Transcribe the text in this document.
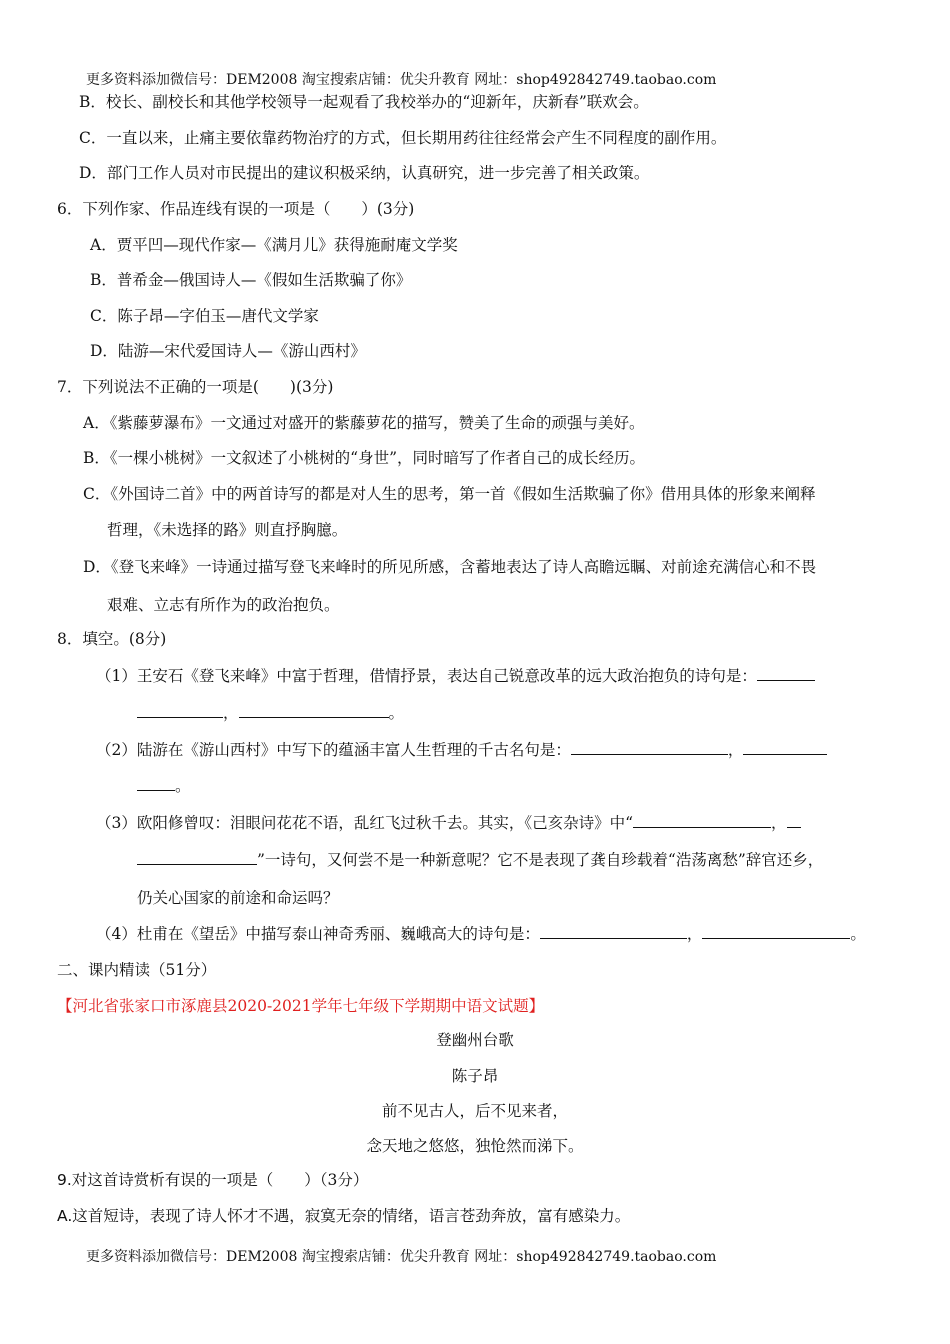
更多资料添加微信号：DEM2008 淘宝搜索店铺：优尖升教育 网址：shop492842749.taobao.com
B．校长、副校长和其他学校领导一起观看了我校举办的“迎新年，庆新春”联欢会。
C．一直以来，止痛主要依靠药物治疗的方式，但长期用药往往经常会产生不同程度的副作用。
D．部门工作人员对市民提出的建议积极采纳，认真研究，进一步完善了相关政策。
6．下列作家、作品连线有误的一项是（　　）(3分)
A．贾平凹—现代作家—《满月儿》获得施耐庵文学奖
B．普希金—俄国诗人—《假如生活欺骗了你》
C．陈子昂—字伯玉—唐代文学家
D．陆游—宋代爱国诗人—《游山西村》
7．下列说法不正确的一项是(　　)(3分)
A．《紫藤萝瀑布》一文通过对盛开的紫藤萝花的描写，赞美了生命的顽强与美好。
B．《一棵小桃树》一文叙述了小桃树的“身世”，同时暗写了作者自己的成长经历。
C．《外国诗二首》中的两首诗写的都是对人生的思考，第一首《假如生活欺骗了你》借用具体的形象来阐释
哲理，《未选择的路》则直抒胸臆。
D．《登飞来峰》一诗通过描写登飞来峰时的所见所感，含蓄地表达了诗人高瞻远瞩、对前途充满信心和不畏
艰难、立志有所作为的政治抱负。
8．填空。(8分)
（1）王安石《登飞来峰》中富于哲理，借情抒景，表达自己锐意改革的远大政治抱负的诗句是：
，	。
（2）陆游在《游山西村》中写下的蕴涵丰富人生哲理的千古名句是：	，
。
（3）欧阳修曾叹：泪眼问花花不语，乱红飞过秋千去。其实，《己亥杂诗》中“	，
”一诗句，又何尝不是一种新意呢？它不是表现了龚自珍载着“浩荡离愁”辞官还乡，
仍关心国家的前途和命运吗？
（4）杜甫在《望岳》中描写泰山神奇秀丽、巍峨高大的诗句是：	，	。
二、课内精读（51分）
【河北省张家口市涿鹿县2020-2021学年七年级下学期期中语文试题】
登幽州台歌
陈子昂
前不见古人，后不见来者，
念天地之悠悠，独怆然而涕下。
9.对这首诗赏析有误的一项是（　　）（3分）
A.这首短诗，表现了诗人怀才不遇，寂寞无奈的情绪，语言苍劲奔放，富有感染力。
更多资料添加微信号：DEM2008 淘宝搜索店铺：优尖升教育 网址：shop492842749.taobao.com
